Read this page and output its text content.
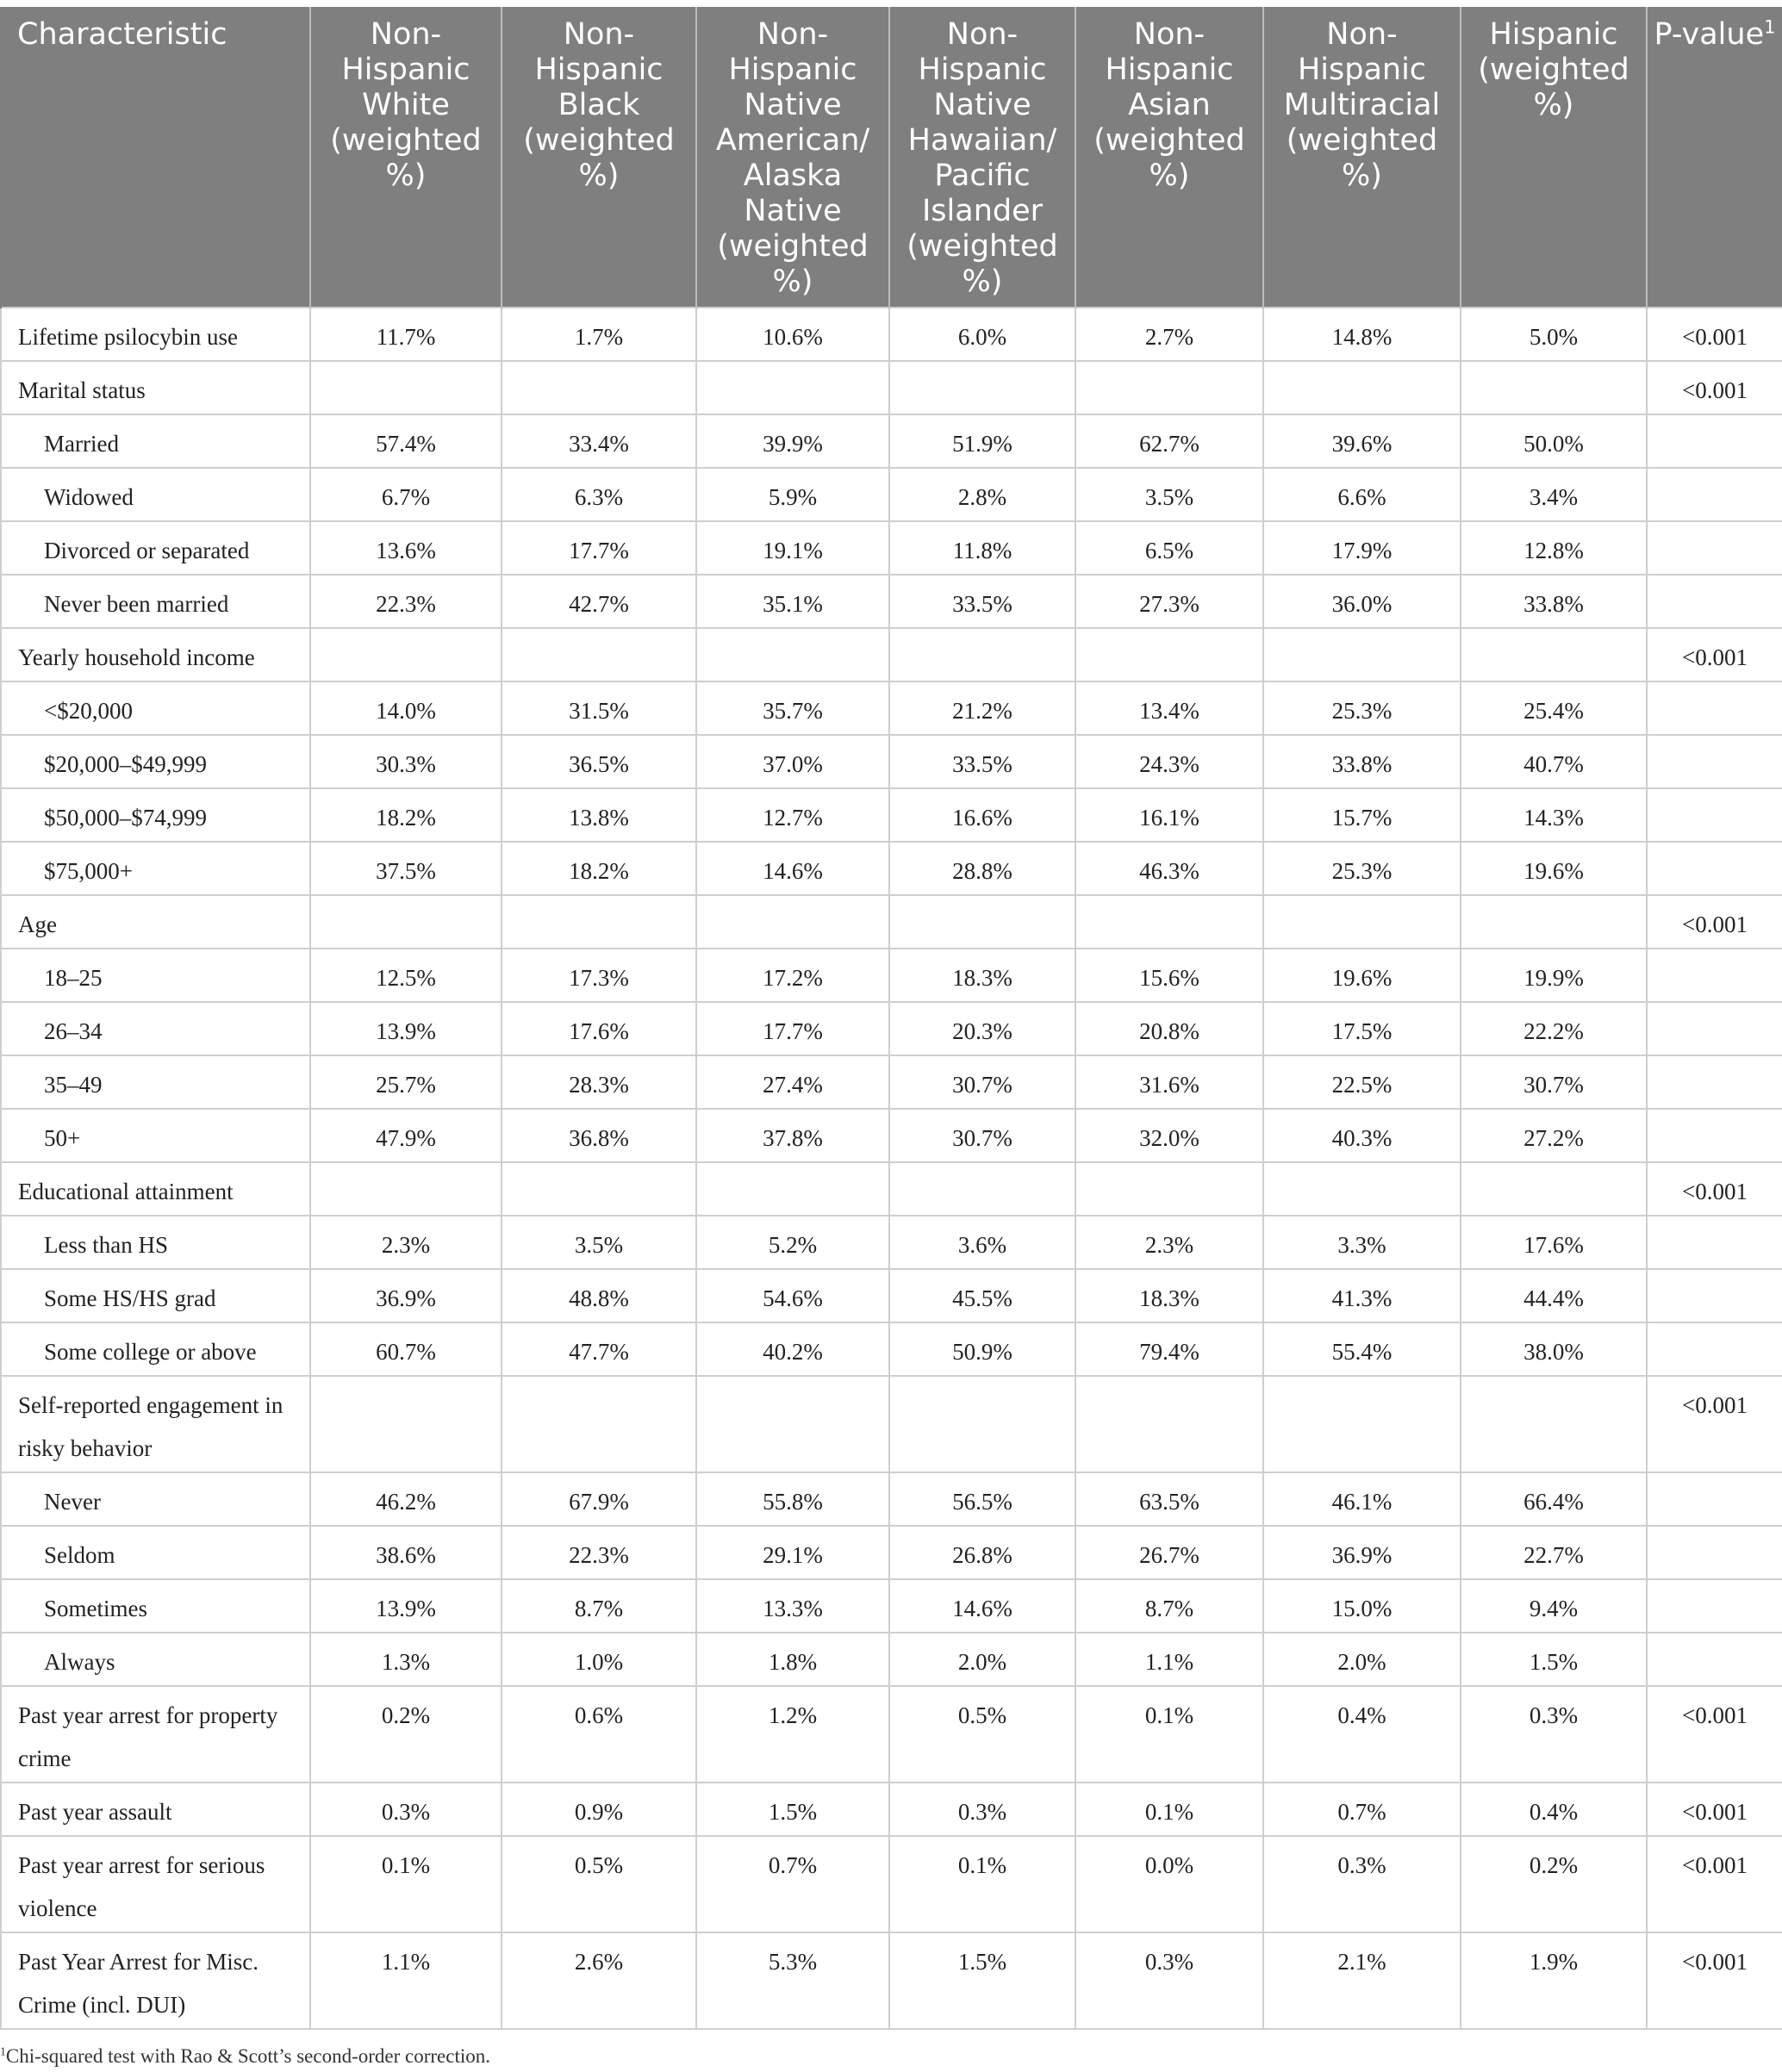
Characteristic	Non-Hispanic White (weighted %)	Non-Hispanic Black (weighted %)	Non-Hispanic Native American/ Alaska Native (weighted %)	Non-Hispanic Native Hawaiian/ Pacific Islander (weighted %)	Non-Hispanic Asian (weighted %)	Non-Hispanic Multiracial (weighted %)	Hispanic (weighted %)	P-value$^1$
Lifetime psilocybin use	11.7%	1.7%	10.6%	6.0%	2.7%	14.8%	5.0%	<0.001
Marital status								<0.001
Married	57.4%	33.4%	39.9%	51.9%	62.7%	39.6%	50.0%	
Widowed	6.7%	6.3%	5.9%	2.8%	3.5%	6.6%	3.4%	
Divorced or separated	13.6%	17.7%	19.1%	11.8%	6.5%	17.9%	12.8%	
Never been married	22.3%	42.7%	35.1%	33.5%	27.3%	36.0%	33.8%	
Yearly household income								<0.001
<$20,000	14.0%	31.5%	35.7%	21.2%	13.4%	25.3%	25.4%	
$20,000–$49,999	30.3%	36.5%	37.0%	33.5%	24.3%	33.8%	40.7%	
$50,000–$74,999	18.2%	13.8%	12.7%	16.6%	16.1%	15.7%	14.3%	
$75,000+	37.5%	18.2%	14.6%	28.8%	46.3%	25.3%	19.6%	
Age								<0.001
18–25	12.5%	17.3%	17.2%	18.3%	15.6%	19.6%	19.9%	
26–34	13.9%	17.6%	17.7%	20.3%	20.8%	17.5%	22.2%	
35–49	25.7%	28.3%	27.4%	30.7%	31.6%	22.5%	30.7%	
50+	47.9%	36.8%	37.8%	30.7%	32.0%	40.3%	27.2%	
Educational attainment								<0.001
Less than HS	2.3%	3.5%	5.2%	3.6%	2.3%	3.3%	17.6%	
Some HS/HS grad	36.9%	48.8%	54.6%	45.5%	18.3%	41.3%	44.4%	
Some college or above	60.7%	47.7%	40.2%	50.9%	79.4%	55.4%	38.0%	
Self-reported engagement in risky behavior								<0.001
Never	46.2%	67.9%	55.8%	56.5%	63.5%	46.1%	66.4%	
Seldom	38.6%	22.3%	29.1%	26.8%	26.7%	36.9%	22.7%	
Sometimes	13.9%	8.7%	13.3%	14.6%	8.7%	15.0%	9.4%	
Always	1.3%	1.0%	1.8%	2.0%	1.1%	2.0%	1.5%	
Past year arrest for property crime	0.2%	0.6%	1.2%	0.5%	0.1%	0.4%	0.3%	<0.001
Past year assault	0.3%	0.9%	1.5%	0.3%	0.1%	0.7%	0.4%	<0.001
Past year arrest for serious violence	0.1%	0.5%	0.7%	0.1%	0.0%	0.3%	0.2%	<0.001
Past Year Arrest for Misc. Crime (incl. DUI)	1.1%	2.6%	5.3%	1.5%	0.3%	2.1%	1.9%	<0.001
$^1$Chi-squared test with Rao & Scott’s second-order correction.
